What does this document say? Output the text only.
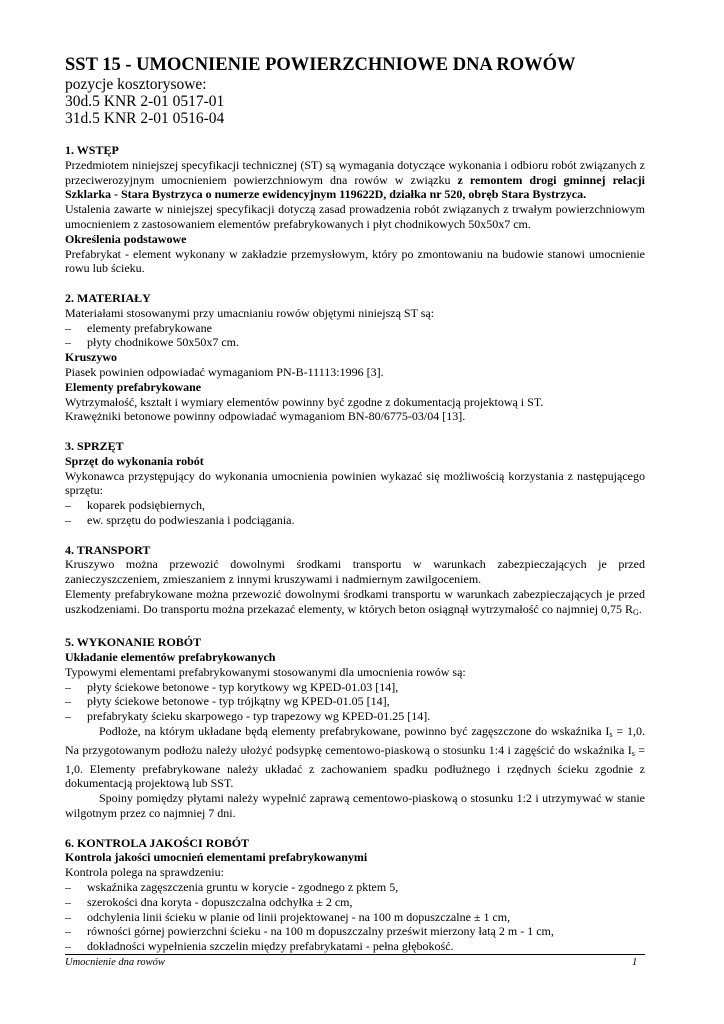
SST 15 - UMOCNIENIE POWIERZCHNIOWE DNA ROWÓW

pozycje kosztorysowe:

30d.5 KNR 2-01 0517-01

31d.5 KNR 2-01 0516-04

1. WSTĘP

Przedmiotem niniejszej specyfikacji technicznej (ST) są wymagania dotyczące wykonania i odbioru robót związanych z przeciwerozyjnym umocnieniem powierzchniowym dna rowów w związku z remontem drogi gminnej relacji Szklarka - Stara Bystrzyca o numerze ewidencyjnym 119622D, działka nr 520, obręb Stara Bystrzyca.

Ustalenia zawarte w niniejszej specyfikacji dotyczą zasad prowadzenia robót związanych z trwałym powierzchniowym umocnieniem z zastosowaniem elementów prefabrykowanych i płyt chodnikowych 50x50x7 cm.

Określenia podstawowe

Prefabrykat - element wykonany w zakładzie przemysłowym, który po zmontowaniu na budowie stanowi umocnienie rowu lub ścieku.

2. MATERIAŁY

Materiałami stosowanymi przy umacnianiu rowów objętymi niniejszą ST są:

–	elementy prefabrykowane
–	płyty chodnikowe 50x50x7 cm.

Kruszywo

Piasek powinien odpowiadać wymaganiom PN-B-11113:1996 [3].

Elementy prefabrykowane

Wytrzymałość, kształt i wymiary elementów powinny być zgodne z dokumentacją projektową i ST.

Krawężniki betonowe powinny odpowiadać wymaganiom BN-80/6775-03/04 [13].

3. SPRZĘT

Sprzęt do wykonania robót

Wykonawca przystępujący do wykonania umocnienia powinien wykazać się możliwością korzystania z następującego sprzętu:

–	koparek podsiębiernych,
–	ew. sprzętu do podwieszania i podciągania.

4. TRANSPORT

Kruszywo można przewozić dowolnymi środkami transportu w warunkach zabezpieczających je przed zanieczyszczeniem, zmieszaniem z innymi kruszywami i nadmiernym zawilgoceniem.

Elementy prefabrykowane można przewozić dowolnymi środkami transportu w warunkach zabezpieczających je przed uszkodzeniami. Do transportu można przekazać elementy, w których beton osiągnął wytrzymałość co najmniej 0,75 RG.

5. WYKONANIE ROBÓT

Układanie elementów prefabrykowanych

Typowymi elementami prefabrykowanymi stosowanymi dla umocnienia rowów są:

–	płyty ściekowe betonowe - typ korytkowy wg KPED-01.03 [14],
–	płyty ściekowe betonowe - typ trójkątny wg KPED-01.05 [14],
–	prefabrykaty ścieku skarpowego - typ trapezowy wg KPED-01.25 [14].

Podłoże, na którym układane będą elementy prefabrykowane, powinno być zagęszczone do wskaźnika Is = 1,0. Na przygotowanym podłożu należy ułożyć podsypkę cementowo-piaskową o stosunku 1:4 i zagęścić do wskaźnika Is = 1,0. Elementy prefabrykowane należy układać z zachowaniem spadku podłużnego i rzędnych ścieku zgodnie z dokumentacją projektową lub SST.

Spoiny pomiędzy płytami należy wypełnić zaprawą cementowo-piaskową o stosunku 1:2 i utrzymywać w stanie wilgotnym przez co najmniej 7 dni.

6. KONTROLA JAKOŚCI ROBÓT

Kontrola jakości umocnień elementami prefabrykowanymi

Kontrola polega na sprawdzeniu:

–	wskaźnika zagęszczenia gruntu w korycie - zgodnego z pktem 5,
–	szerokości dna koryta - dopuszczalna odchyłka ± 2 cm,
–	odchylenia linii ścieku w planie od linii projektowanej - na 100 m dopuszczalne ± 1 cm,
–	równości górnej powierzchni ścieku - na 100 m dopuszczalny prześwit mierzony łatą 2 m - 1 cm,
–	dokładności wypełnienia szczelin między prefabrykatami - pełna głębokość.
Umocnienie dna rowów	1
